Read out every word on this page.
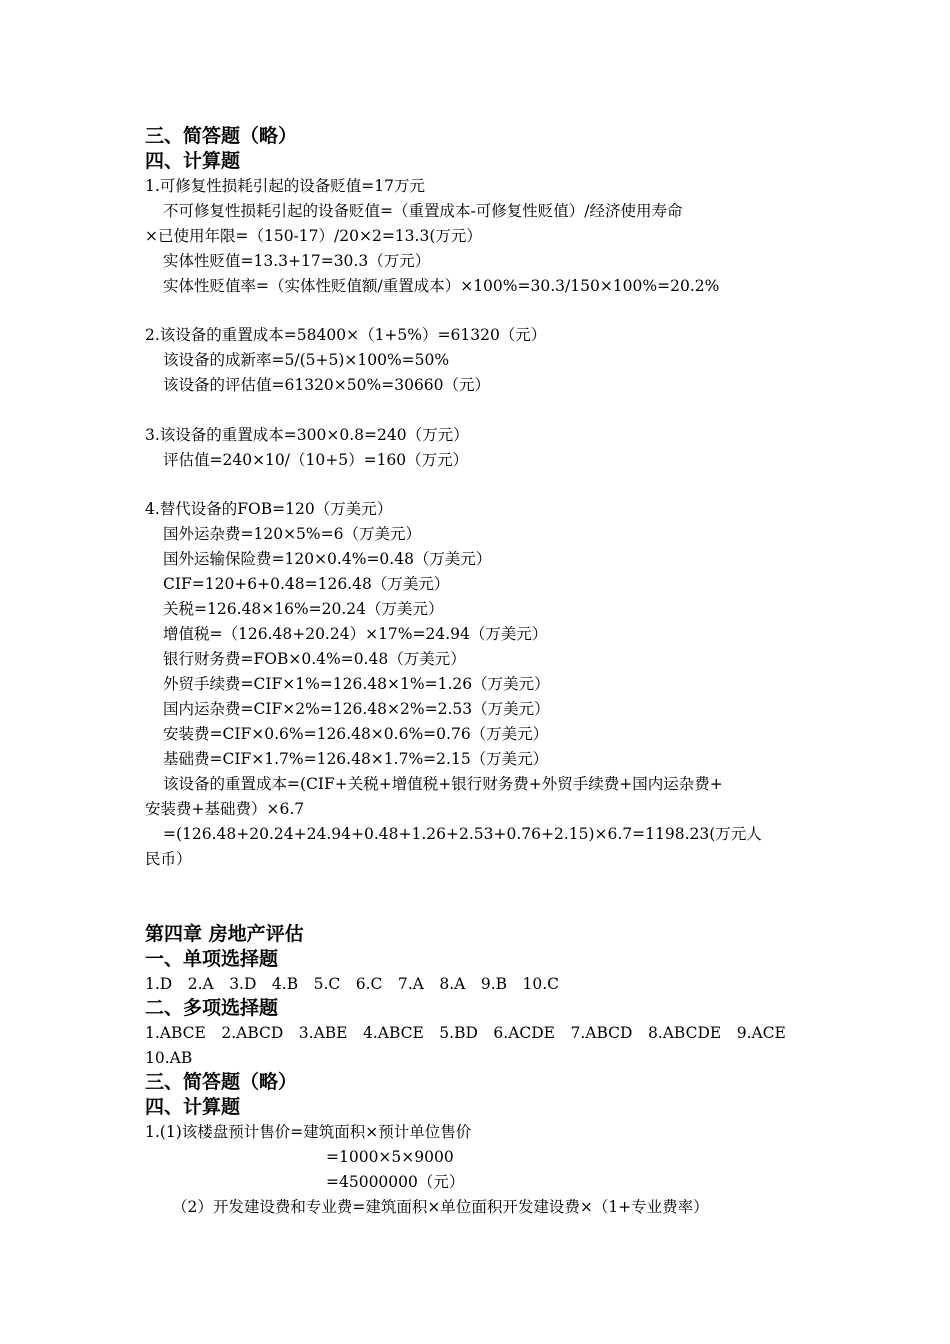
三、简答题（略）
四、计算题
1.可修复性损耗引起的设备贬值=17万元
不可修复性损耗引起的设备贬值=（重置成本-可修复性贬值）/经济使用寿命
×已使用年限=（150-17）/20×2=13.3(万元）
实体性贬值=13.3+17=30.3（万元）
实体性贬值率=（实体性贬值额/重置成本）×100%=30.3/150×100%=20.2%
2.该设备的重置成本=58400×（1+5%）=61320（元）
该设备的成新率=5/(5+5)×100%=50%
该设备的评估值=61320×50%=30660（元）
3.该设备的重置成本=300×0.8=240（万元）
评估值=240×10/（10+5）=160（万元）
4.替代设备的FOB=120（万美元）
国外运杂费=120×5%=6（万美元）
国外运输保险费=120×0.4%=0.48（万美元）
CIF=120+6+0.48=126.48（万美元）
关税=126.48×16%=20.24（万美元）
增值税=（126.48+20.24）×17%=24.94（万美元）
银行财务费=FOB×0.4%=0.48（万美元）
外贸手续费=CIF×1%=126.48×1%=1.26（万美元）
国内运杂费=CIF×2%=126.48×2%=2.53（万美元）
安装费=CIF×0.6%=126.48×0.6%=0.76（万美元）
基础费=CIF×1.7%=126.48×1.7%=2.15（万美元）
该设备的重置成本=(CIF+关税+增值税+银行财务费+外贸手续费+国内运杂费+
安装费+基础费）×6.7
=(126.48+20.24+24.94+0.48+1.26+2.53+0.76+2.15)×6.7=1198.23(万元人
民币）
第四章 房地产评估
一、单项选择题
1.D　2.A　3.D　4.B　5.C　6.C　7.A　8.A　9.B　10.C
二、多项选择题
1.ABCE　2.ABCD　3.ABE　4.ABCE　5.BD　6.ACDE　7.ABCD　8.ABCDE　9.ACE
10.AB
三、简答题（略）
四、计算题
1.(1)该楼盘预计售价=建筑面积×预计单位售价
=1000×5×9000
=45000000（元）
（2）开发建设费和专业费=建筑面积×单位面积开发建设费×（1+专业费率）
